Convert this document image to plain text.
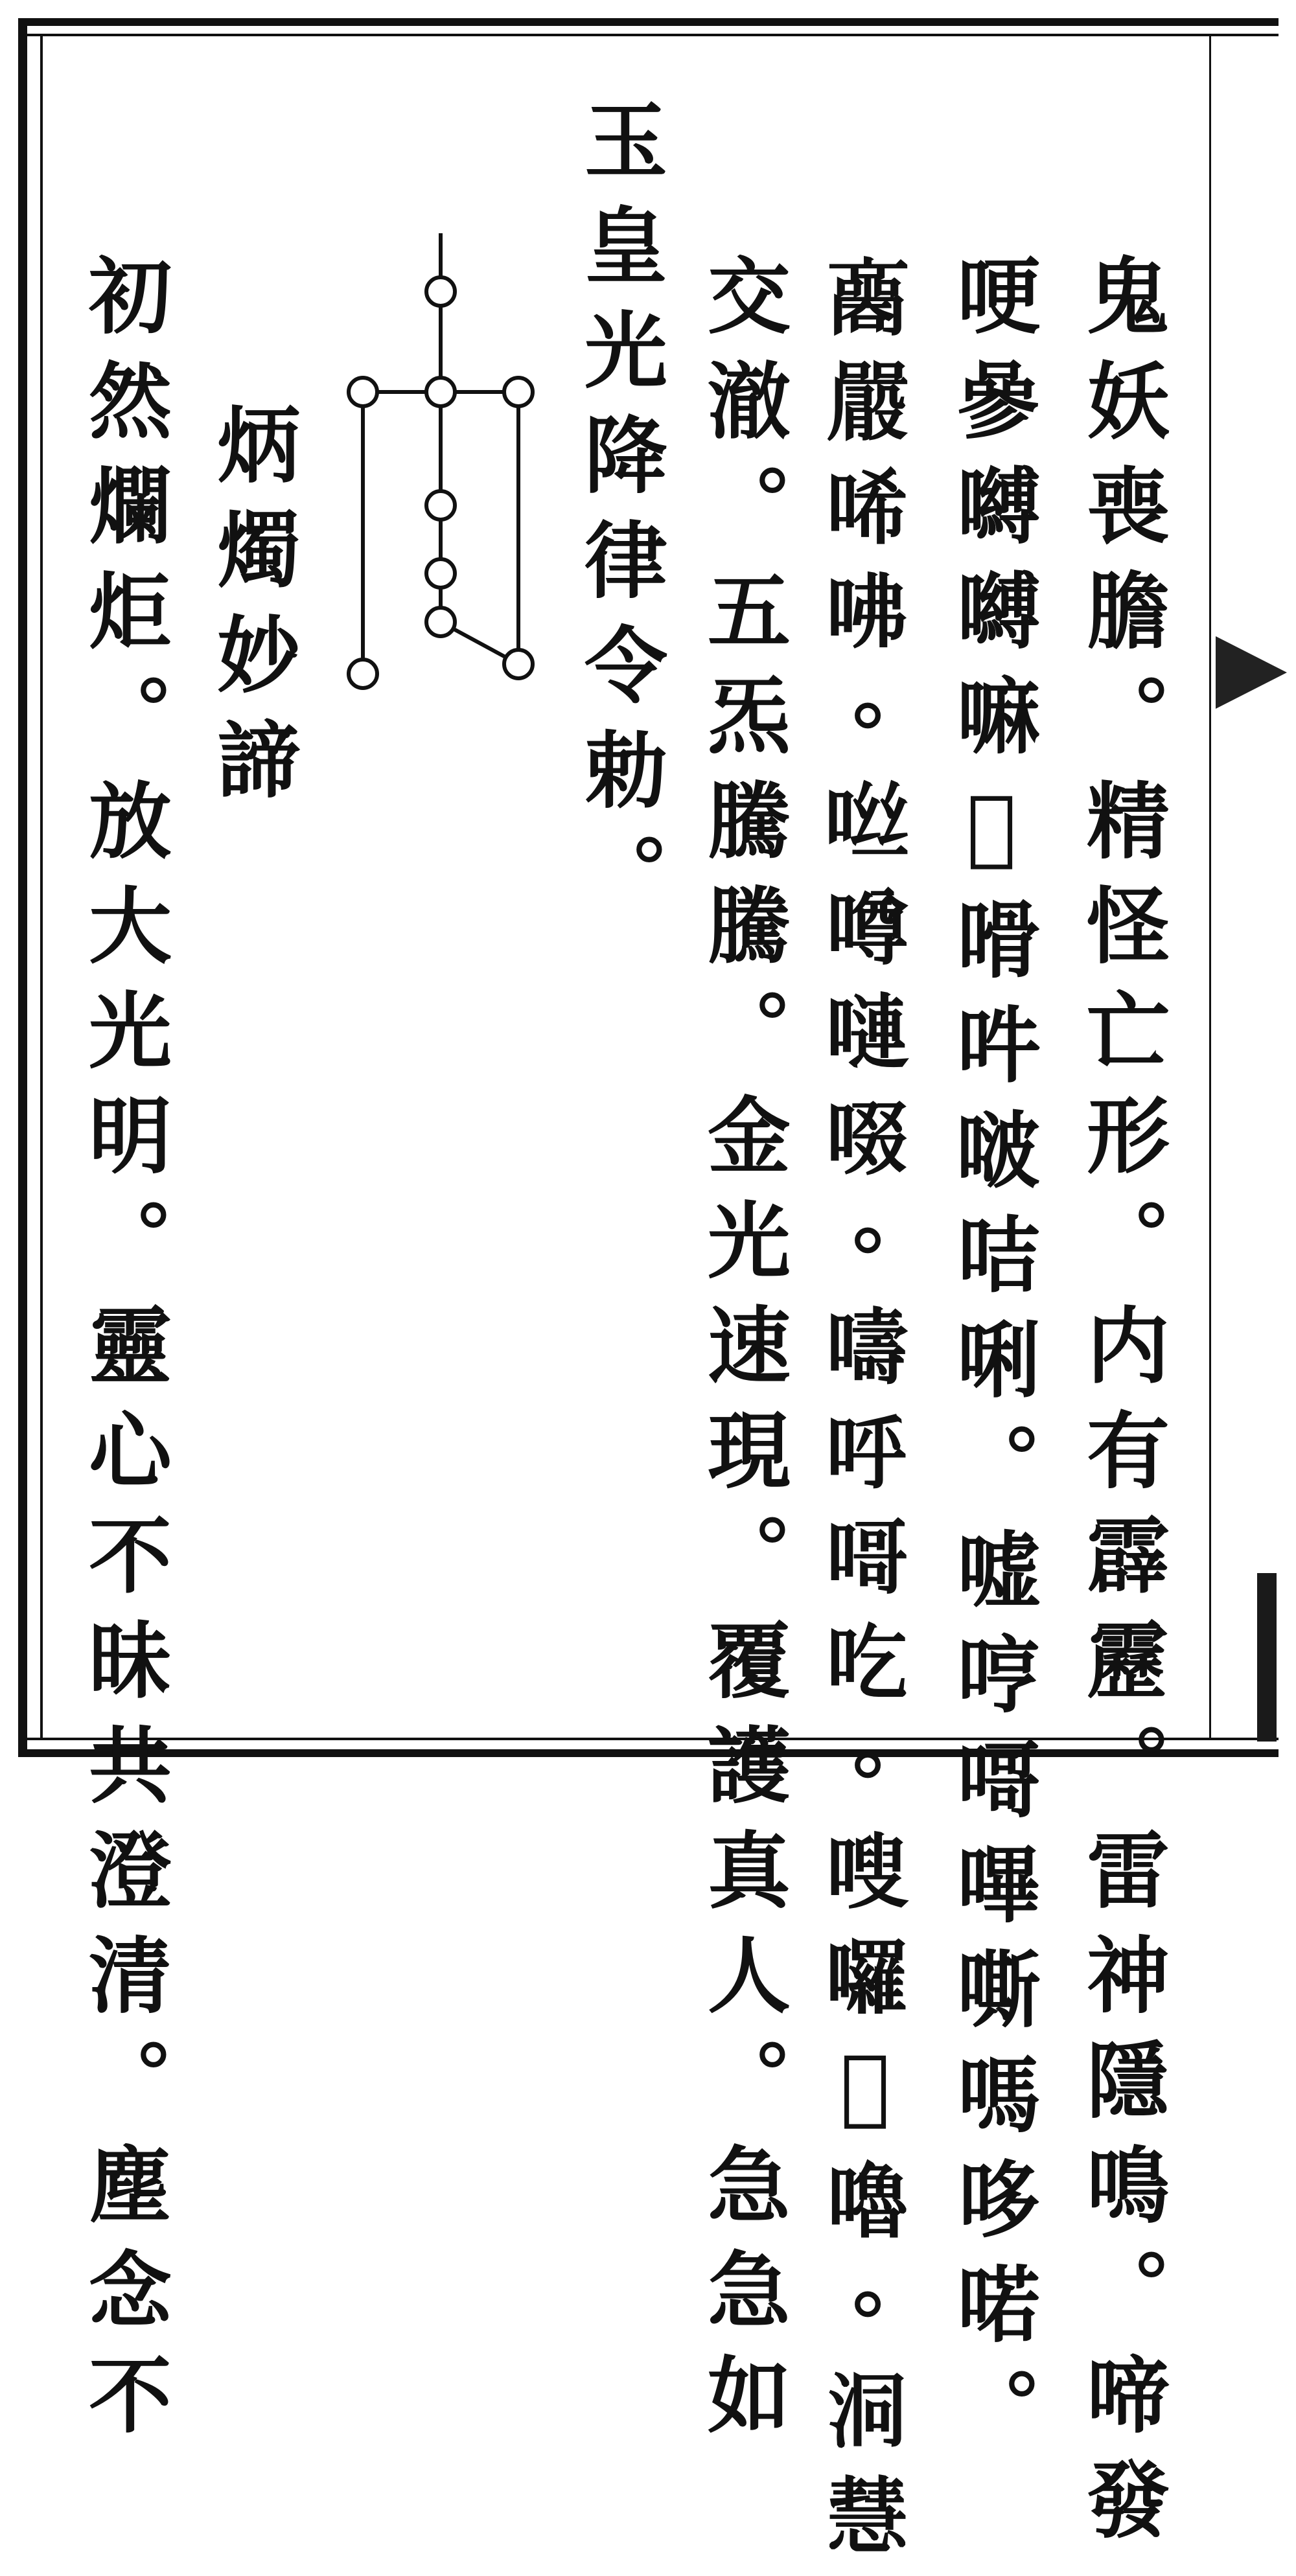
鬼妖喪膽。精怪亡形。内有霹靂。雷神隱鳴。啼發
哽𠻝嚩嚩嘛𡂰嗗吽啵咭唎。嘘哼𠹭嗶嘶嗎哆喏。
𡃬𡃫唏咈。咝噂嗹啜。嚋呼𠹭吃。嗖囉𡅊嚕。洞慧
交澈。五炁騰騰。金光速現。覆護真人。急急如
玉皇光降律令勅。
炳燭妙諦
初然爛炬。放大光明。靈心不昧共澄清。塵念不
